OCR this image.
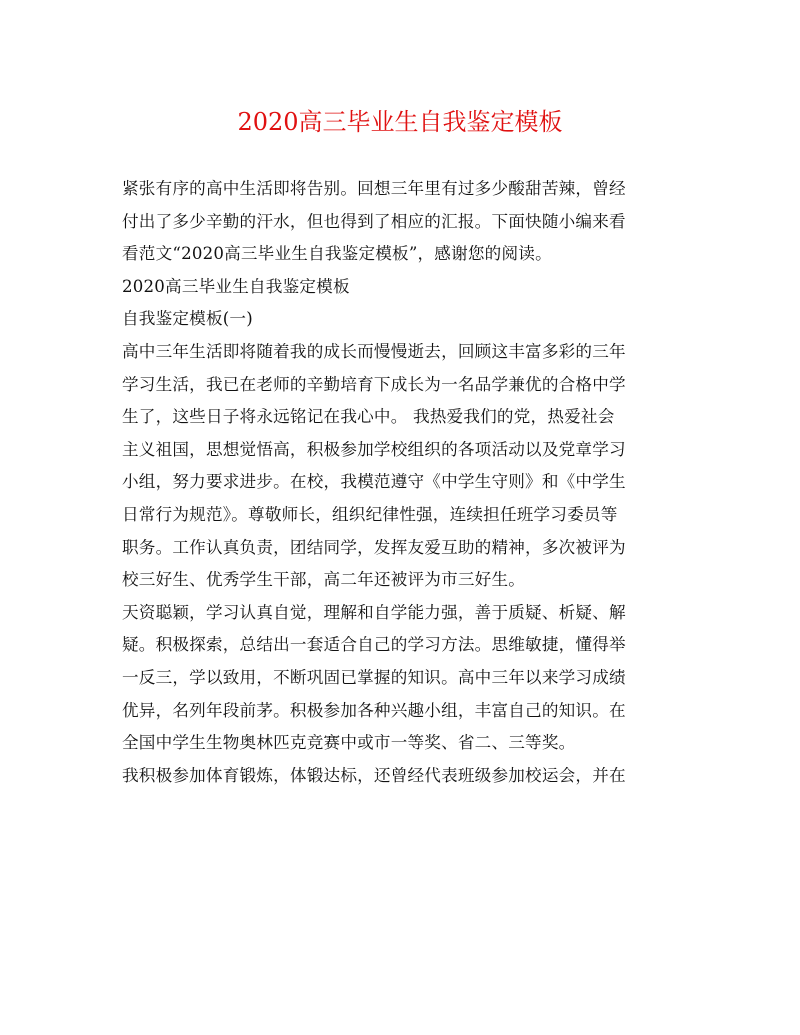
2020高三毕业生自我鉴定模板
紧张有序的高中生活即将告别。回想三年里有过多少酸甜苦辣，曾经
付出了多少辛勤的汗水，但也得到了相应的汇报。下面快随小编来看
看范文“2020高三毕业生自我鉴定模板”，感谢您的阅读。
2020高三毕业生自我鉴定模板
自我鉴定模板(一)
高中三年生活即将随着我的成长而慢慢逝去，回顾这丰富多彩的三年
学习生活，我已在老师的辛勤培育下成长为一名品学兼优的合格中学
生了，这些日子将永远铭记在我心中。 我热爱我们的党，热爱社会
主义祖国，思想觉悟高，积极参加学校组织的各项活动以及党章学习
小组，努力要求进步。在校，我模范遵守《中学生守则》和《中学生
日常行为规范》。尊敬师长，组织纪律性强，连续担任班学习委员等
职务。工作认真负责，团结同学，发挥友爱互助的精神，多次被评为
校三好生、优秀学生干部，高二年还被评为市三好生。
天资聪颖，学习认真自觉，理解和自学能力强，善于质疑、析疑、解
疑。积极探索，总结出一套适合自己的学习方法。思维敏捷，懂得举
一反三，学以致用，不断巩固已掌握的知识。高中三年以来学习成绩
优异，名列年段前茅。积极参加各种兴趣小组，丰富自己的知识。在
全国中学生生物奥林匹克竞赛中或市一等奖、省二、三等奖。
我积极参加体育锻炼，体锻达标，还曾经代表班级参加校运会，并在
